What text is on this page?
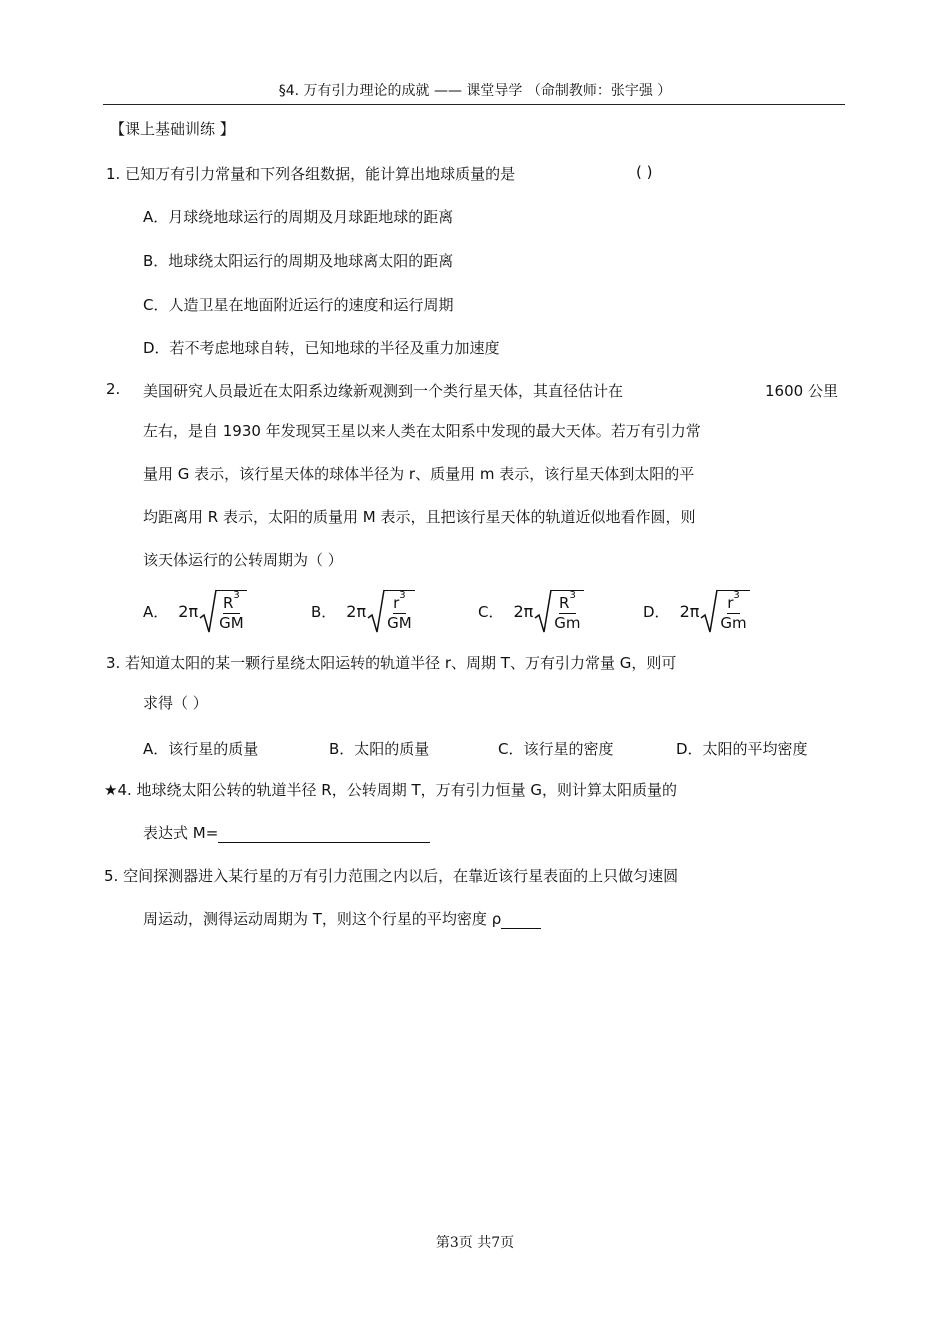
§4. 万有引力理论的成就 —— 课堂导学 （命制教师：张宇强 ）
【课上基础训练 】
1. 已知万有引力常量和下列各组数据，能计算出地球质量的是	( )
A．月球绕地球运行的周期及月球距地球的距离
B．地球绕太阳运行的周期及地球离太阳的距离
C．人造卫星在地面附近运行的速度和运行周期
D．若不考虑地球自转，已知地球的半径及重力加速度
2. 美国研究人员最近在太阳系边缘新观测到一个类行星天体，其直径估计在	1600 公里
左右，是自 1930 年发现冥王星以来人类在太阳系中发现的最大天体。若万有引力常
量用 G 表示，该行星天体的球体半径为 r、质量用 m 表示，该行星天体到太阳的平
均距离用 R 表示，太阳的质量用 M 表示，且把该行星天体的轨道近似地看作圆，则
该天体运行的公转周期为（ ）
A． $2\pi \frac{R^3}{GM}$	B． $2\pi \frac{r^3}{GM}$	C． $2\pi \frac{R^3}{Gm}$	D． $2\pi \frac{r^3}{Gm}$
3. 若知道太阳的某一颗行星绕太阳运转的轨道半径 r、周期 T、万有引力常量 G，则可
求得（ ）
A．该行星的质量	B．太阳的质量	C．该行星的密度	D．太阳的平均密度
★4. 地球绕太阳公转的轨道半径 R，公转周期 T，万有引力恒量 G，则计算太阳质量的
表达式 M=
5. 空间探测器进入某行星的万有引力范围之内以后，在靠近该行星表面的上只做匀速圆
周运动，测得运动周期为 T，则这个行星的平均密度 ρ
第3页 共7页
